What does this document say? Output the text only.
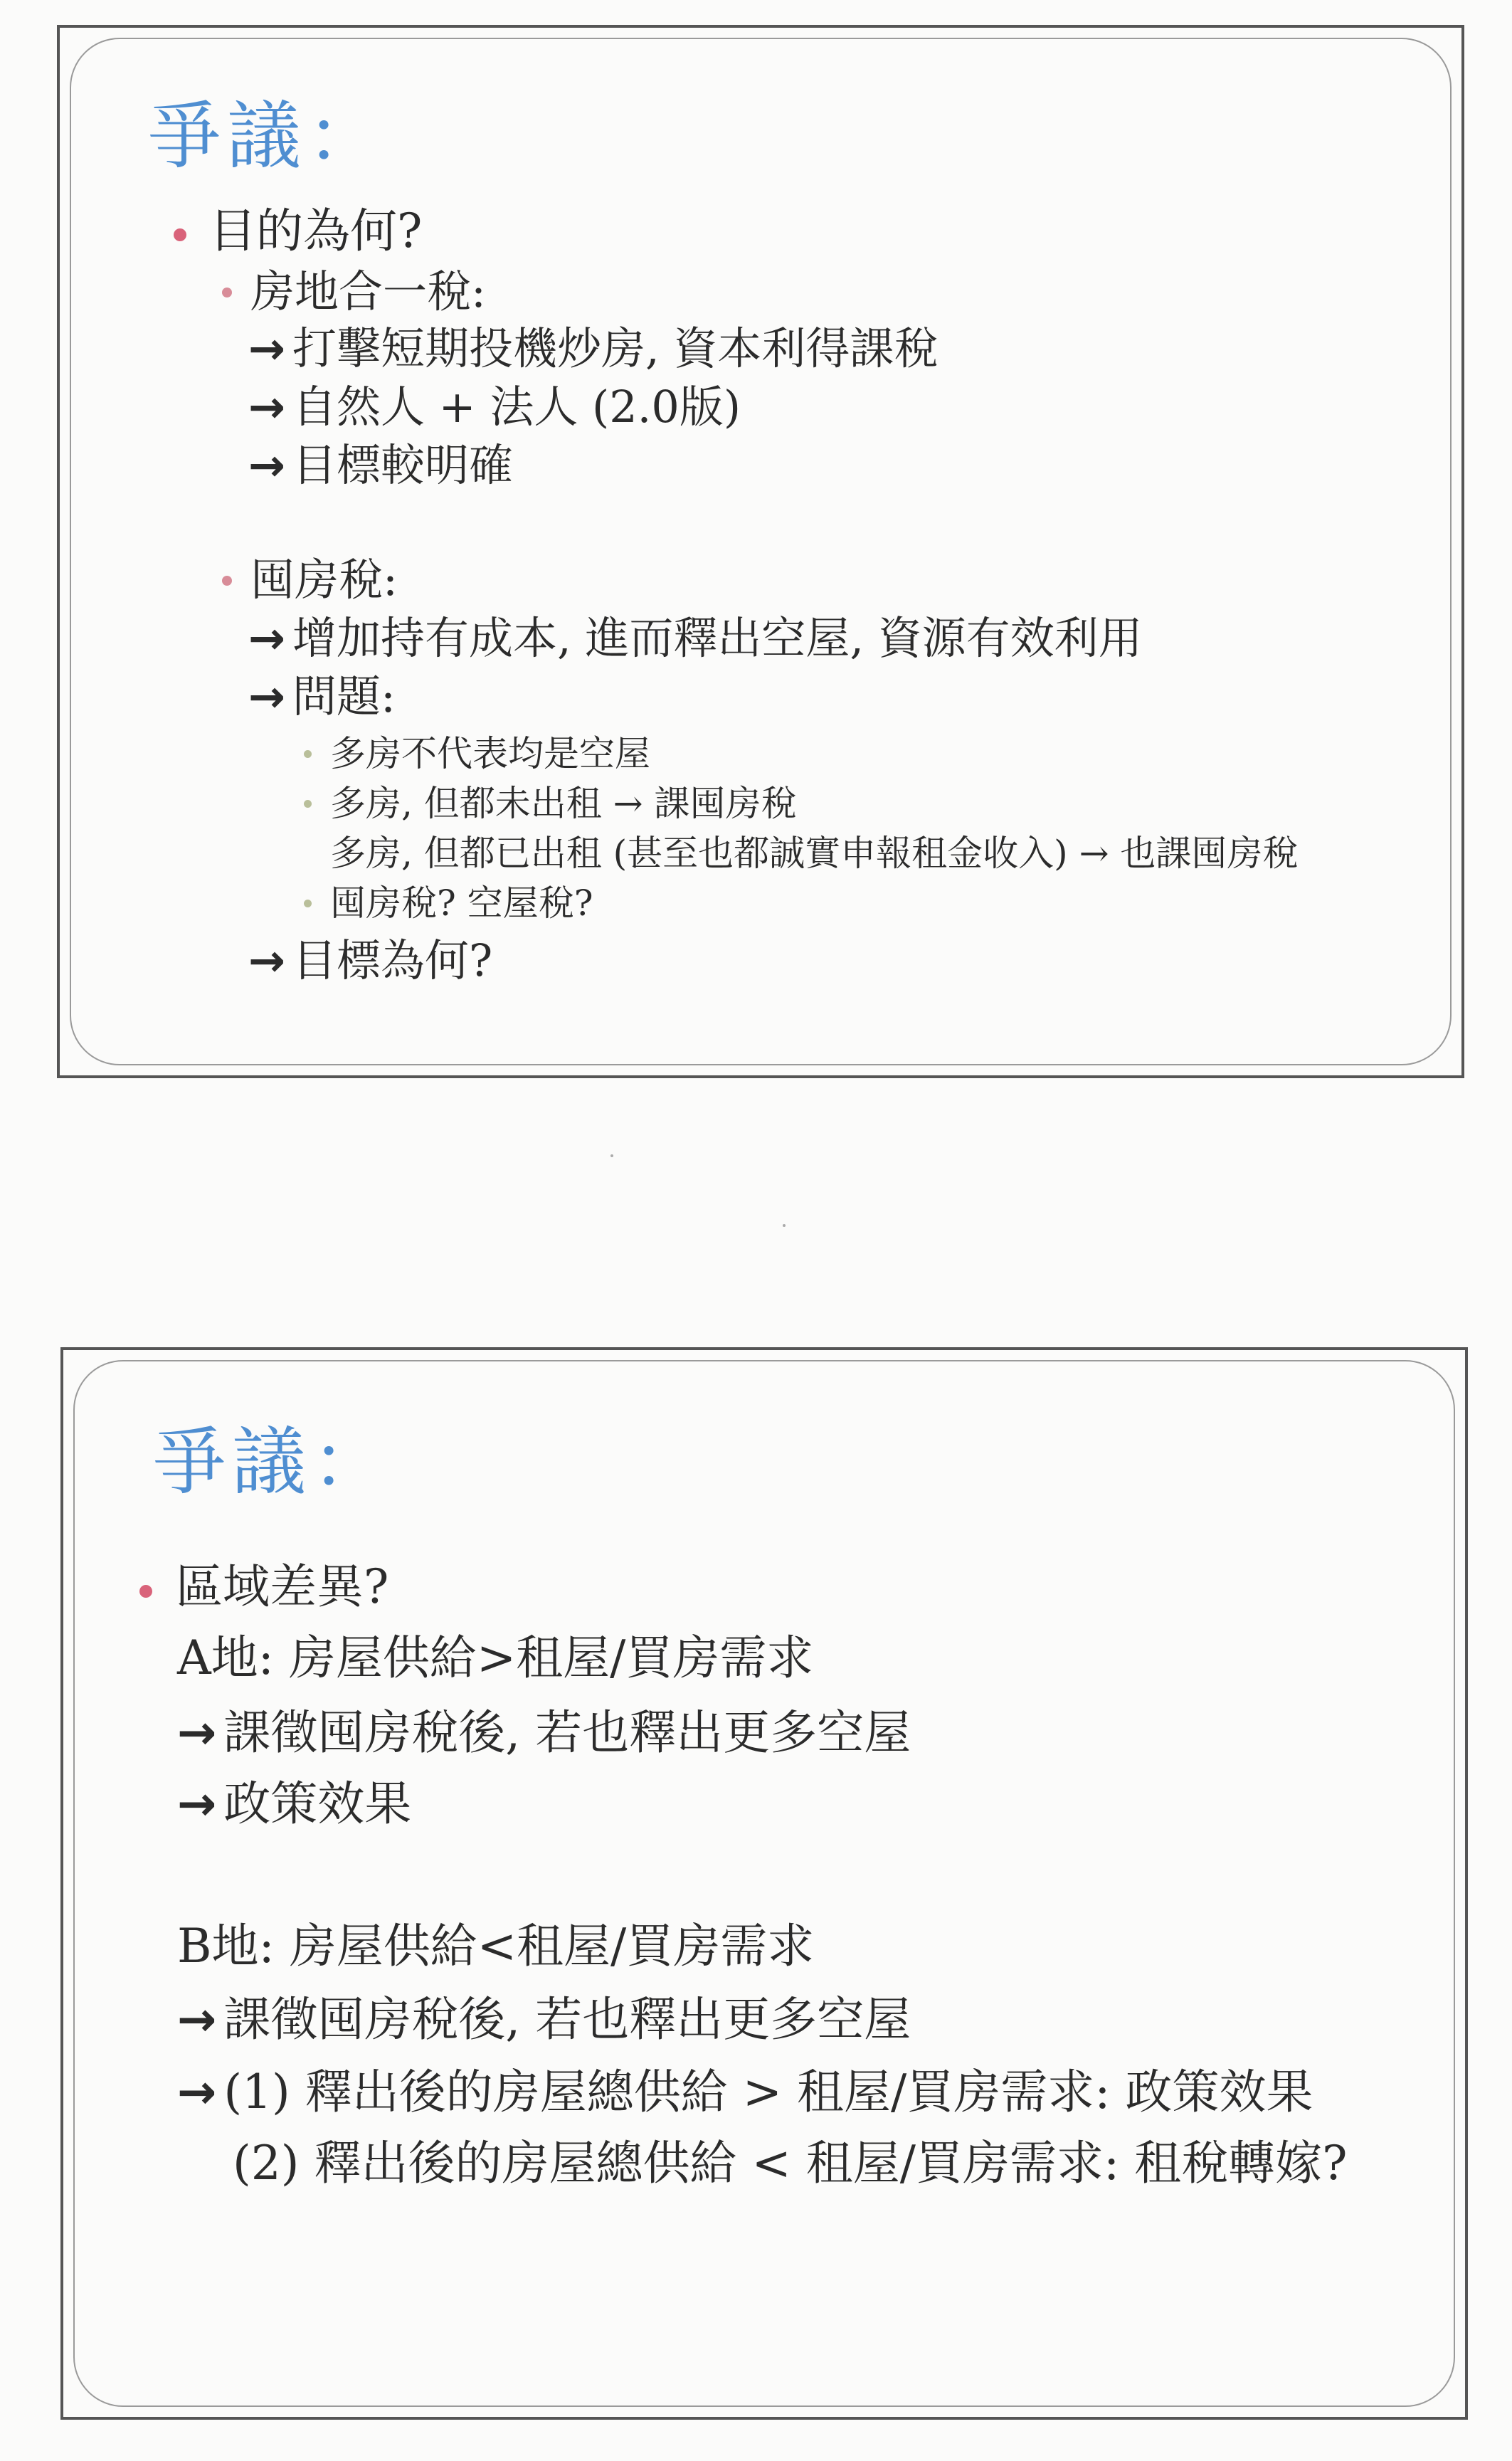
爭議：
目的為何?
房地合一稅:
→ 打擊短期投機炒房, 資本利得課稅
→ 自然人 + 法人 (2.0版)
→ 目標較明確
囤房稅:
→ 增加持有成本, 進而釋出空屋, 資源有效利用
→ 問題:
多房不代表均是空屋
多房, 但都未出租 → 課囤房稅
多房, 但都已出租 (甚至也都誠實申報租金收入) → 也課囤房稅
囤房稅? 空屋稅?
→ 目標為何?
爭議：
區域差異?
A地: 房屋供給>租屋/買房需求
→ 課徵囤房稅後, 若也釋出更多空屋
→ 政策效果
B地: 房屋供給<租屋/買房需求
→ 課徵囤房稅後, 若也釋出更多空屋
→ (1) 釋出後的房屋總供給 > 租屋/買房需求: 政策效果
(2) 釋出後的房屋總供給 < 租屋/買房需求: 租稅轉嫁?
